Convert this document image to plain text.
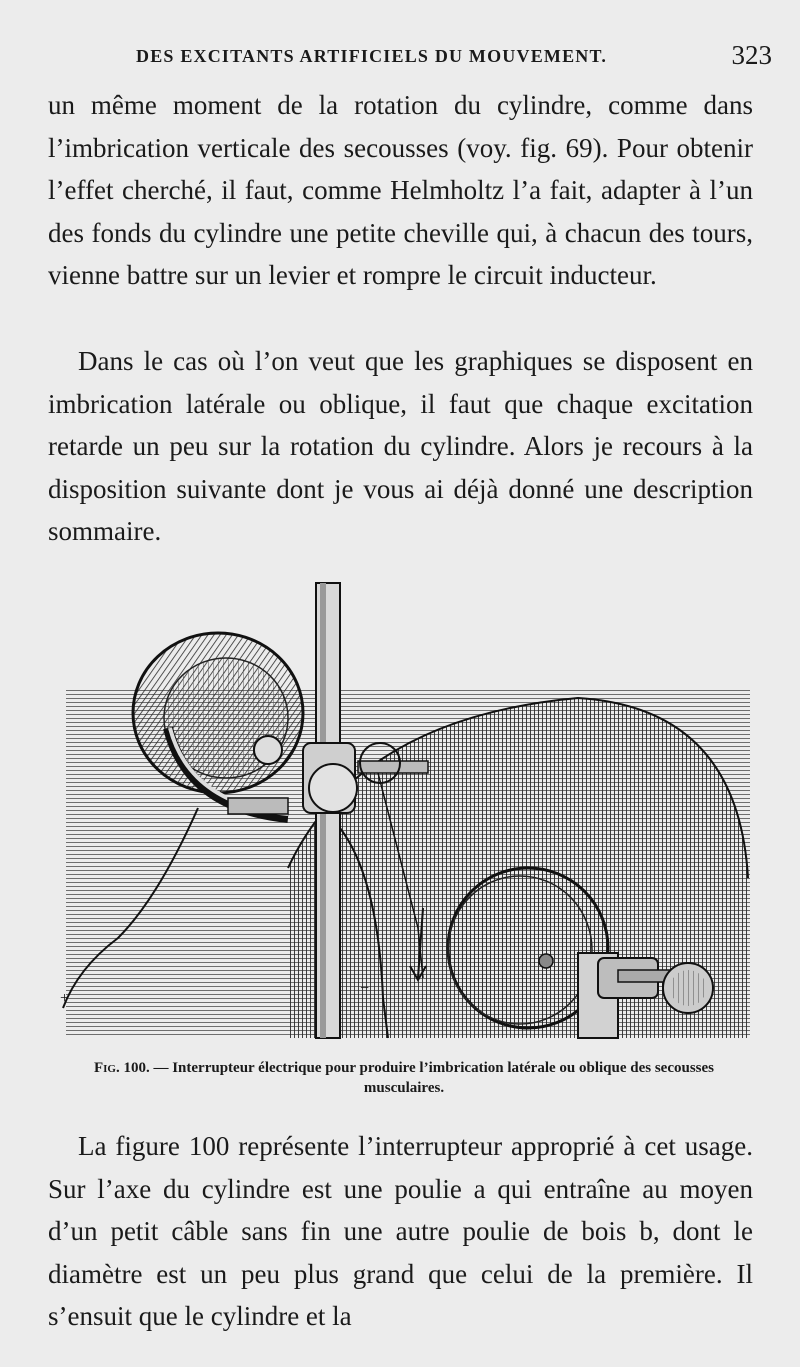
DES EXCITANTS ARTIFICIELS DU MOUVEMENT.	323
un même moment de la rotation du cylindre, comme dans l’imbrication verticale des secousses (voy. fig. 69). Pour obtenir l’effet cherché, il faut, comme Helmholtz l’a fait, adapter à l’un des fonds du cylindre une petite cheville qui, à chacun des tours, vienne battre sur un levier et rompre le circuit inducteur.
Dans le cas où l’on veut que les graphiques se disposent en imbrication latérale ou oblique, il faut que chaque excitation retarde un peu sur la rotation du cylindre. Alors je recours à la disposition suivante dont je vous ai déjà donné une description sommaire.
+
−
Fig. 100. — Interrupteur électrique pour produire l’imbrication latérale ou oblique des secousses musculaires.
La figure 100 représente l’interrupteur approprié à cet usage. Sur l’axe du cylindre est une poulie a qui entraîne au moyen d’un petit câble sans fin une autre poulie de bois b, dont le diamètre est un peu plus grand que celui de la première. Il s’ensuit que le cylindre et la
